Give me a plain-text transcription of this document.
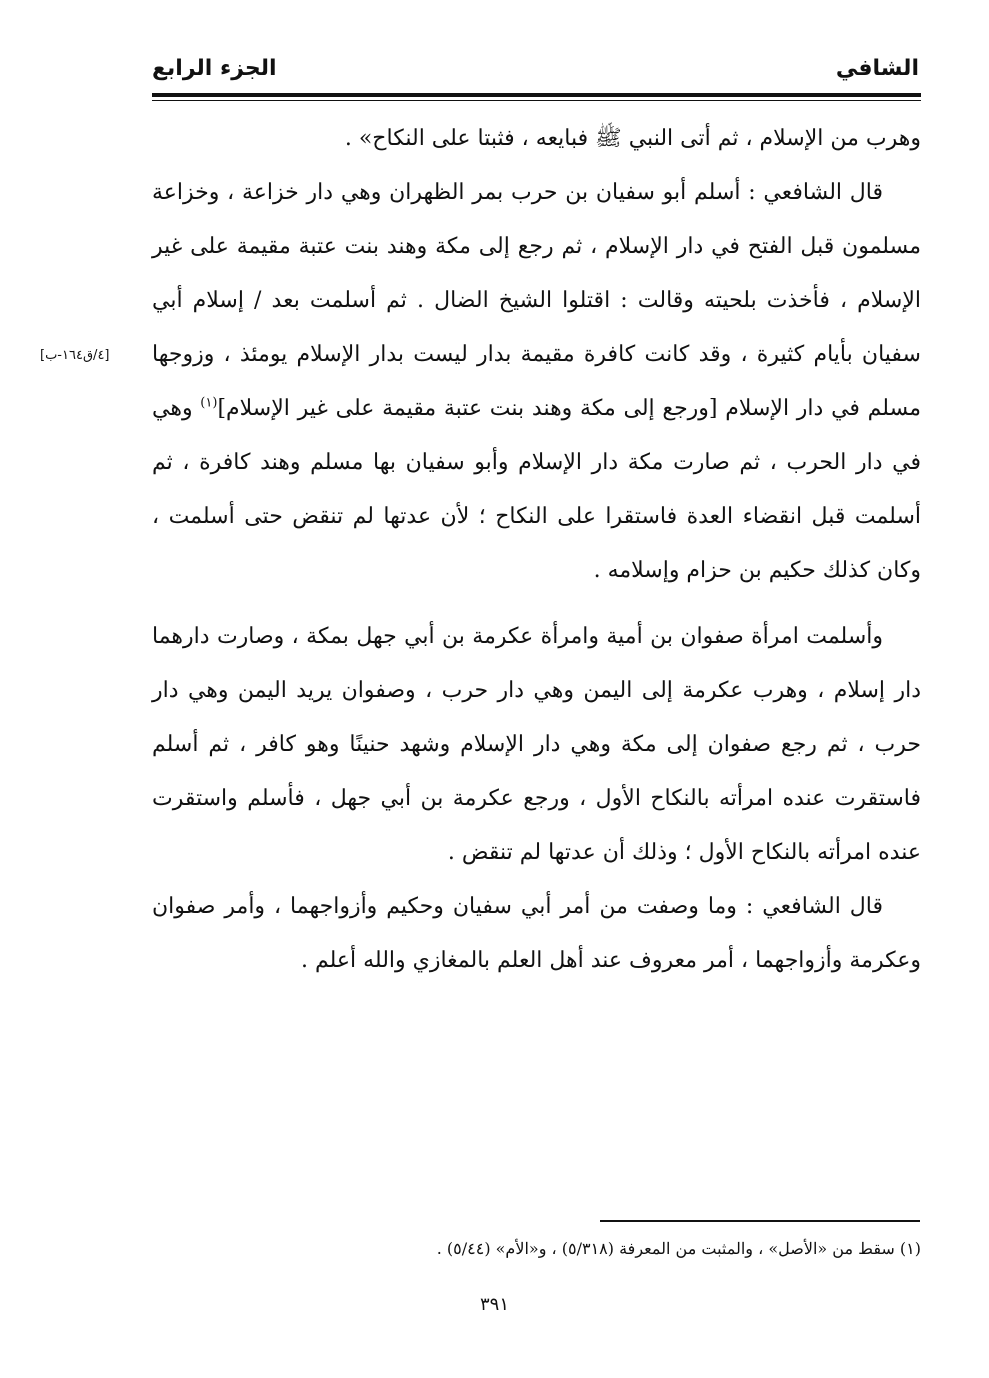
الشافي
الجزء الرابع

وهرب من الإسلام ، ثم أتى النبي ﷺ فبايعه ، فثبتا على النكاح» .

قال الشافعي : أسلم أبو سفيان بن حرب بمر الظهران وهي دار خزاعة ، وخزاعة مسلمون قبل الفتح في دار الإسلام ، ثم رجع إلى مكة وهند بنت عتبة مقيمة على غير الإسلام ، فأخذت بلحيته وقالت : اقتلوا الشيخ الضال . ثم أسلمت بعد / إسلام أبي سفيان بأيام كثيرة ، وقد كانت كافرة مقيمة بدار ليست بدار الإسلام يومئذ ، وزوجها مسلم في دار الإسلام [ورجع إلى مكة وهند بنت عتبة مقيمة على غير الإسلام]$^{(١)}$ وهي في دار الحرب ، ثم صارت مكة دار الإسلام وأبو سفيان بها مسلم وهند كافرة ، ثم أسلمت قبل انقضاء العدة فاستقرا على النكاح ؛ لأن عدتها لم تنقض حتى أسلمت ، وكان كذلك حكيم بن حزام وإسلامه .

وأسلمت امرأة صفوان بن أمية وامرأة عكرمة بن أبي جهل بمكة ، وصارت دارهما دار إسلام ، وهرب عكرمة إلى اليمن وهي دار حرب ، وصفوان يريد اليمن وهي دار حرب ، ثم رجع صفوان إلى مكة وهي دار الإسلام وشهد حنينًا وهو كافر ، ثم أسلم فاستقرت عنده امرأته بالنكاح الأول ، ورجع عكرمة بن أبي جهل ، فأسلم واستقرت عنده امرأته بالنكاح الأول ؛ وذلك أن عدتها لم تنقض .

قال الشافعي : وما وصفت من أمر أبي سفيان وحكيم وأزواجهما ، وأمر صفوان وعكرمة وأزواجهما ، أمر معروف عند أهل العلم بالمغازي والله أعلم .

[٤/ق١٦٤-ب]
(١) سقط من «الأصل» ، والمثبت من المعرفة (٥/٣١٨) ، و«الأم» (٥/٤٤) .
٣٩١
